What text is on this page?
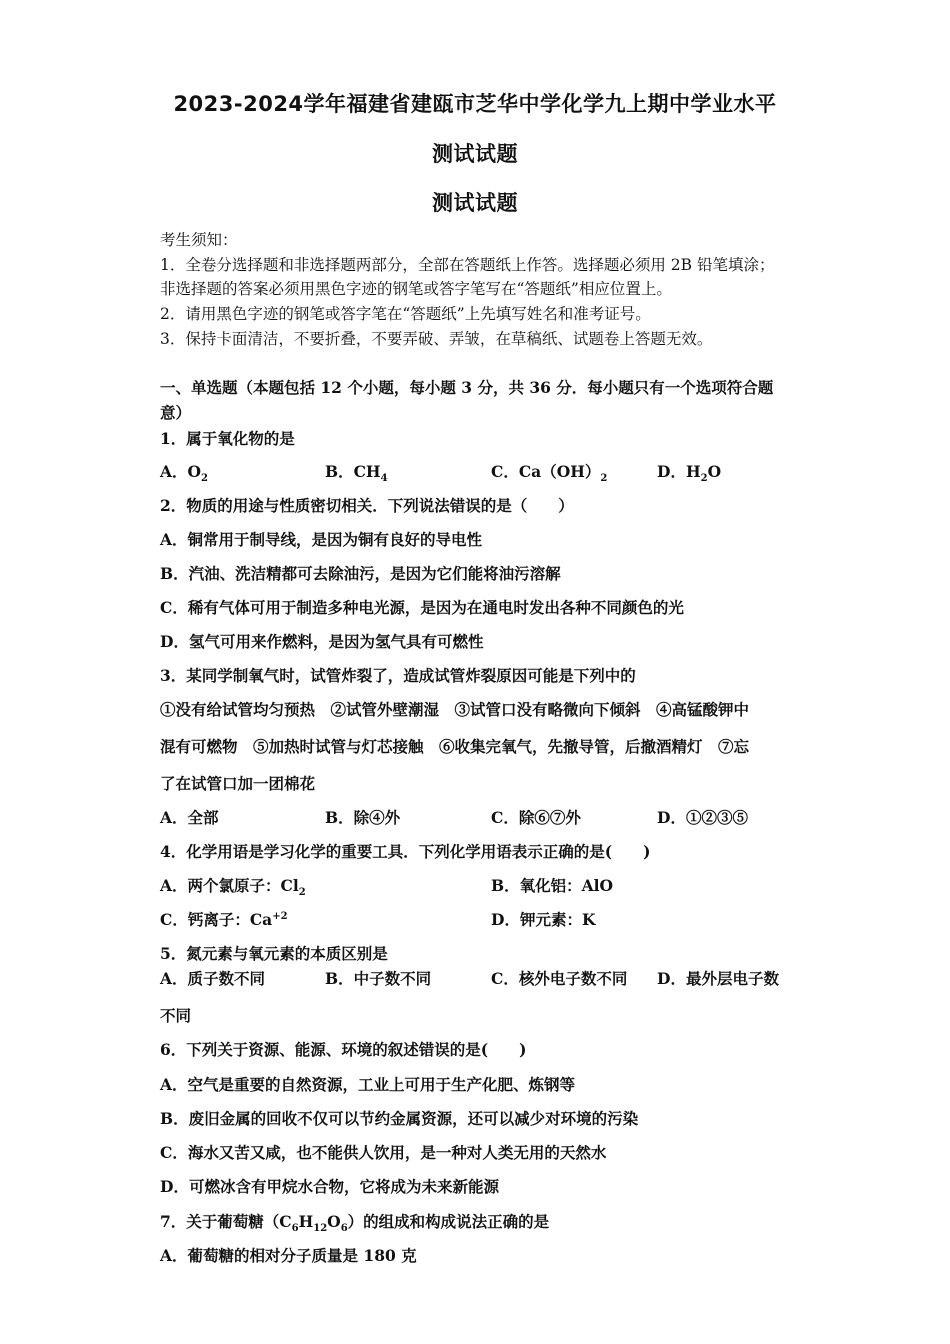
2023-2024学年福建省建瓯市芝华中学化学九上期中学业水平
测试试题
测试试题
考生须知：
1．全卷分选择题和非选择题两部分，全部在答题纸上作答。选择题必须用 2B 铅笔填涂；
非选择题的答案必须用黑色字迹的钢笔或答字笔写在“答题纸”相应位置上。
2．请用黑色字迹的钢笔或答字笔在“答题纸”上先填写姓名和准考证号。
3．保持卡面清洁，不要折叠，不要弄破、弄皱，在草稿纸、试题卷上答题无效。
一、单选题（本题包括 12 个小题，每小题 3 分，共 36 分．每小题只有一个选项符合题
意）
1．属于氧化物的是
A．$O_2$	B．$CH_4$	C．$Ca(OH)_2$	D．$H_2O$
2．物质的用途与性质密切相关．下列说法错误的是（　　）
A．铜常用于制导线，是因为铜有良好的导电性
B．汽油、洗洁精都可去除油污，是因为它们能将油污溶解
C．稀有气体可用于制造多种电光源，是因为在通电时发出各种不同颜色的光
D．氢气可用来作燃料，是因为氢气具有可燃性
3．某同学制氧气时，试管炸裂了，造成试管炸裂原因可能是下列中的
①没有给试管均匀预热　②试管外壁潮湿　③试管口没有略微向下倾斜　④高锰酸钾中
混有可燃物　⑤加热时试管与灯芯接触　⑥收集完氧气，先撤导管，后撤酒精灯　⑦忘
了在试管口加一团棉花
A．全部	B．除④外	C．除⑥⑦外	D．①②③⑤
4．化学用语是学习化学的重要工具．下列化学用语表示正确的是(　　)
A．两个氯原子：$Cl_2$	B．氧化铝：AlO
C．钙离子：$Ca^{+2}$	D．钾元素：K
5．氮元素与氧元素的本质区别是
A．质子数不同	B．中子数不同	C．核外电子数不同 D．最外层电子数
不同
6．下列关于资源、能源、环境的叙述错误的是(　　)
A．空气是重要的自然资源，工业上可用于生产化肥、炼钢等
B．废旧金属的回收不仅可以节约金属资源，还可以减少对环境的污染
C．海水又苦又咸，也不能供人饮用，是一种对人类无用的天然水
D．可燃冰含有甲烷水合物，它将成为未来新能源
7．关于葡萄糖$(C_6H_{12}O_6)$的组成和构成说法正确的是
A．葡萄糖的相对分子质量是 180 克
